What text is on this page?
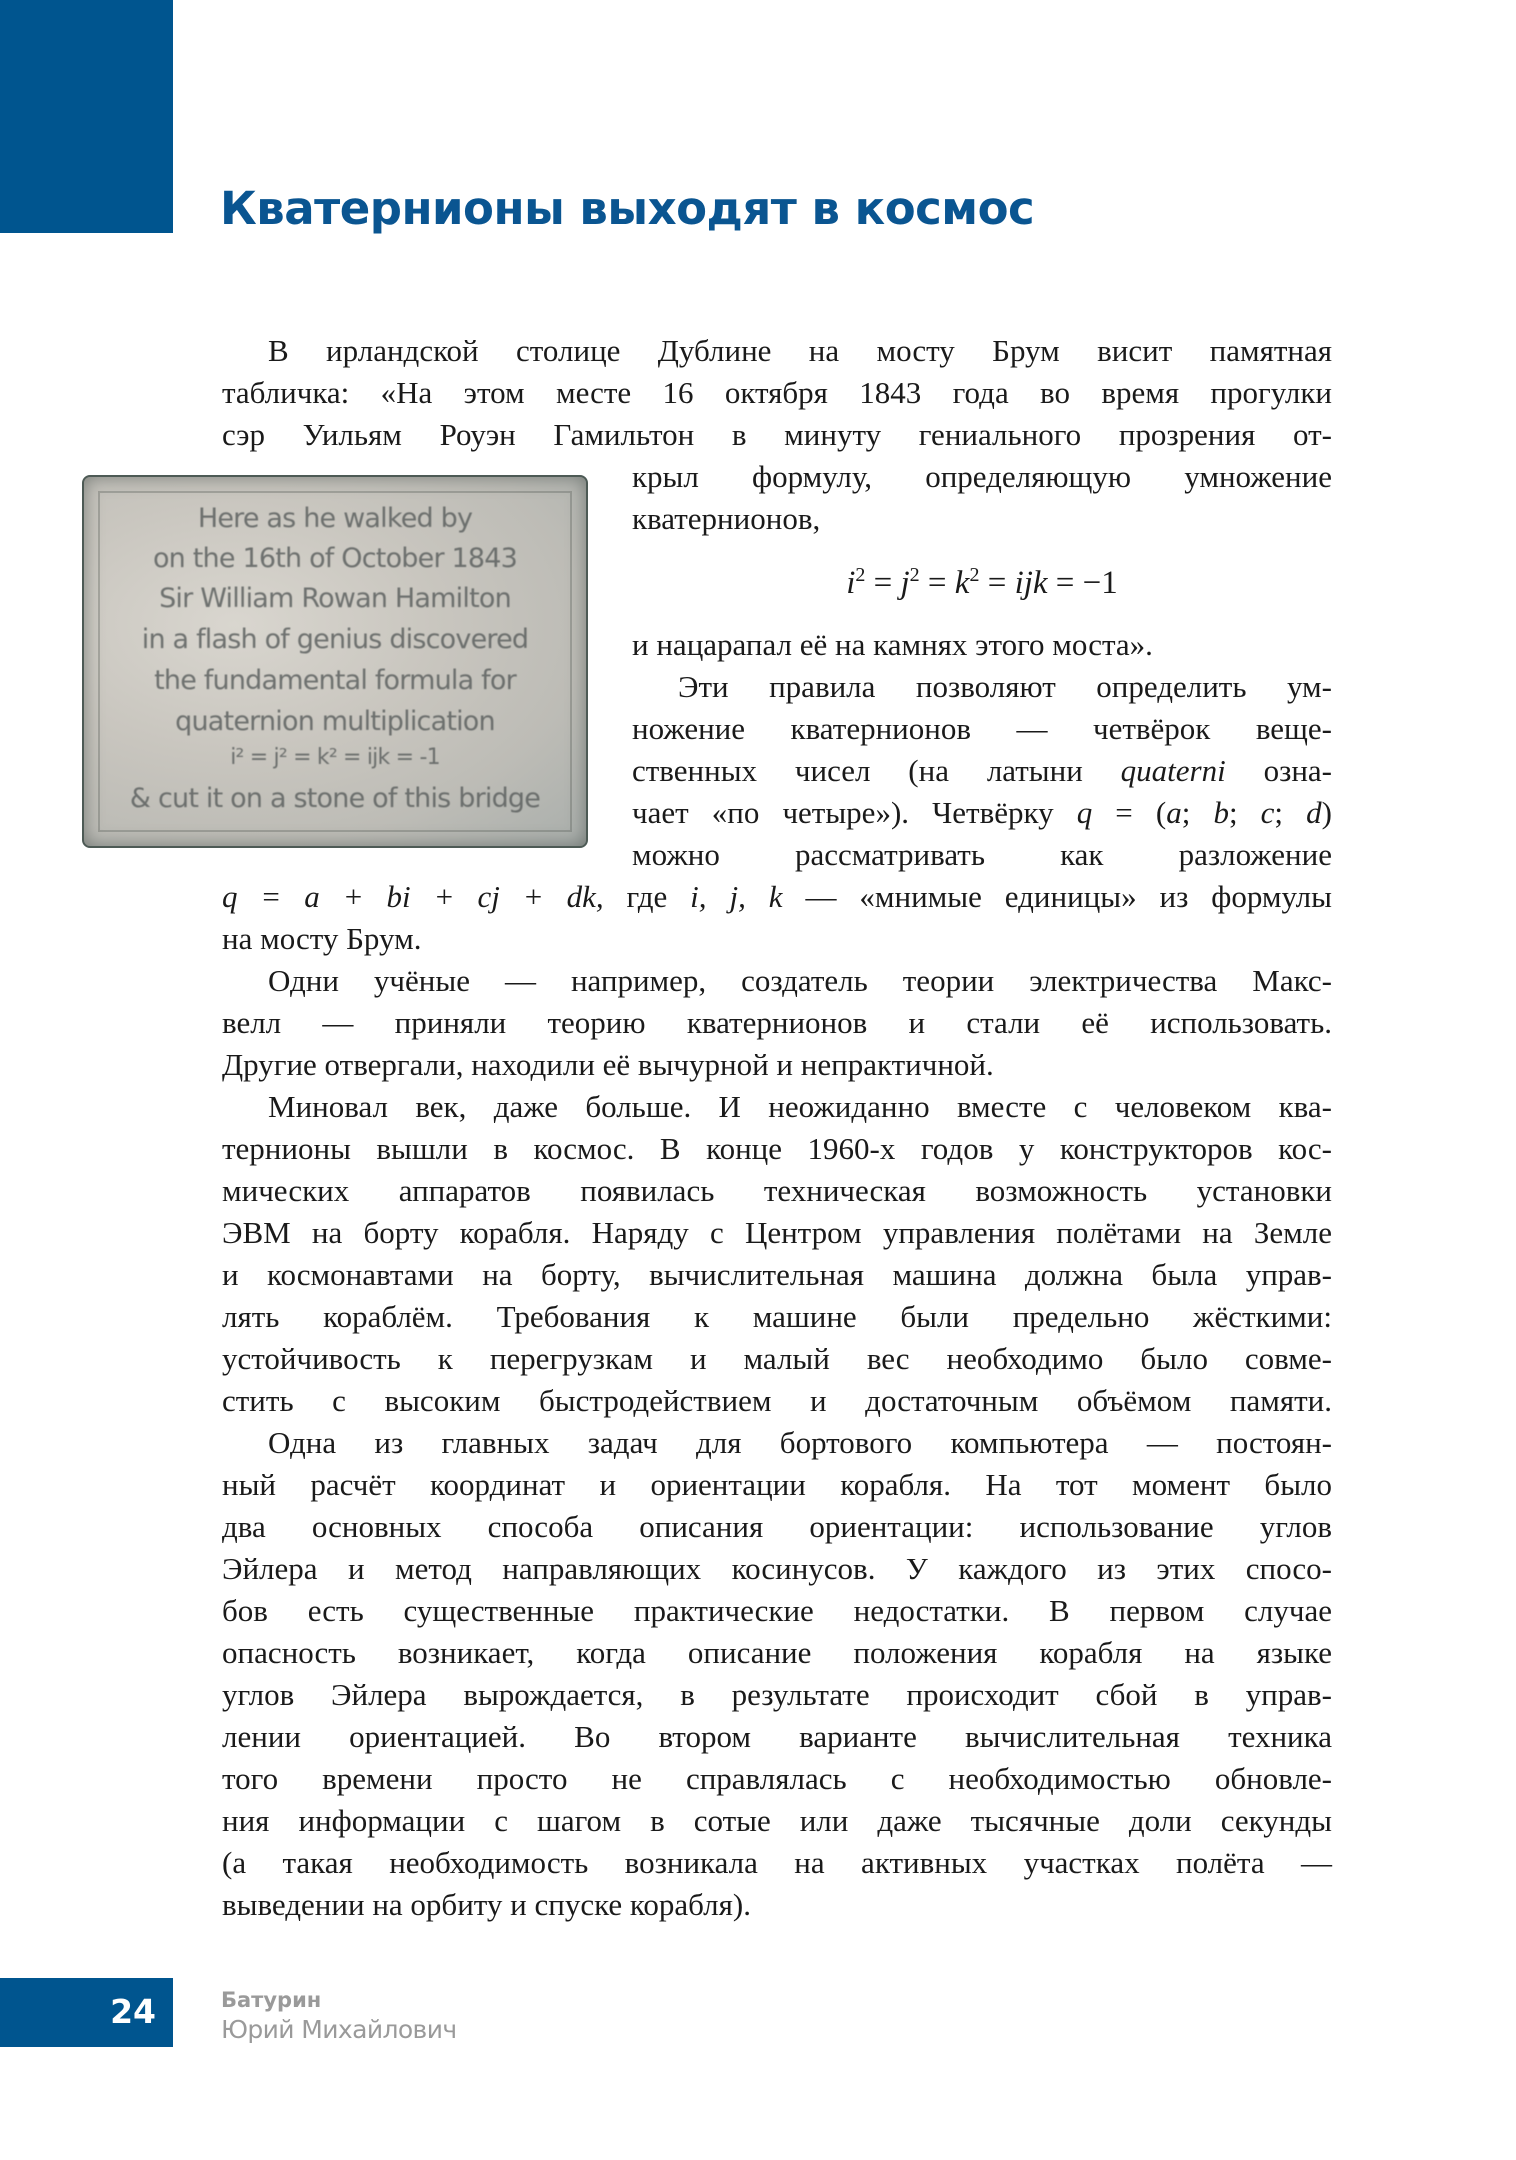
Кватернионы выходят в космос
Here as he walked by
on the 16th of October 1843
Sir William Rowan Hamilton
in a flash of genius discovered
the fundamental formula for
quaternion multiplication
i² = j² = k² = ijk = -1
& cut it on a stone of this bridge
В ирландской столице Дублине на мосту Брум висит памятная
табличка: «На этом месте 16 октября 1843 года во время прогулки
сэр Уильям Роуэн Гамильтон в минуту гениального прозрения от-
крыл формулу, определяющую умножение
кватернионов,
$i^2 = j^2 = k^2$ = ijk = −1
и нацарапал её на камнях этого моста».
Эти правила позволяют определить ум-
ножение кватернионов — четвёрок веще-
ственных чисел (на латыни quaterni озна-
чает «по четыре»). Четвёрку q = (a; b; c; d)
можно рассматривать как разложение
q = a + bi + cj + dk, где i, j, k — «мнимые единицы» из формулы
на мосту Брум.
Одни учёные — например, создатель теории электричества Макс-
велл — приняли теорию кватернионов и стали её использовать.
Другие отвергали, находили её вычурной и непрактичной.
Миновал век, даже больше. И неожиданно вместе с человеком ква-
тернионы вышли в космос. В конце 1960-х годов у конструкторов кос-
мических аппаратов появилась техническая возможность установки
ЭВМ на борту корабля. Наряду с Центром управления полётами на Земле
и космонавтами на борту, вычислительная машина должна была управ-
лять кораблём. Требования к машине были предельно жёсткими:
устойчивость к перегрузкам и малый вес необходимо было совме-
стить с высоким быстродействием и достаточным объёмом памяти.
Одна из главных задач для бортового компьютера — постоян-
ный расчёт координат и ориентации корабля. На тот момент было
два основных способа описания ориентации: использование углов
Эйлера и метод направляющих косинусов. У каждого из этих спосо-
бов есть существенные практические недостатки. В первом случае
опасность возникает, когда описание положения корабля на языке
углов Эйлера вырождается, в результате происходит сбой в управ-
лении ориентацией. Во втором варианте вычислительная техника
того времени просто не справлялась с необходимостью обновле-
ния информации с шагом в сотые или даже тысячные доли секунды
(а такая необходимость возникала на активных участках полёта —
выведении на орбиту и спуске корабля).
24	Батурин
Юрий Михайлович
